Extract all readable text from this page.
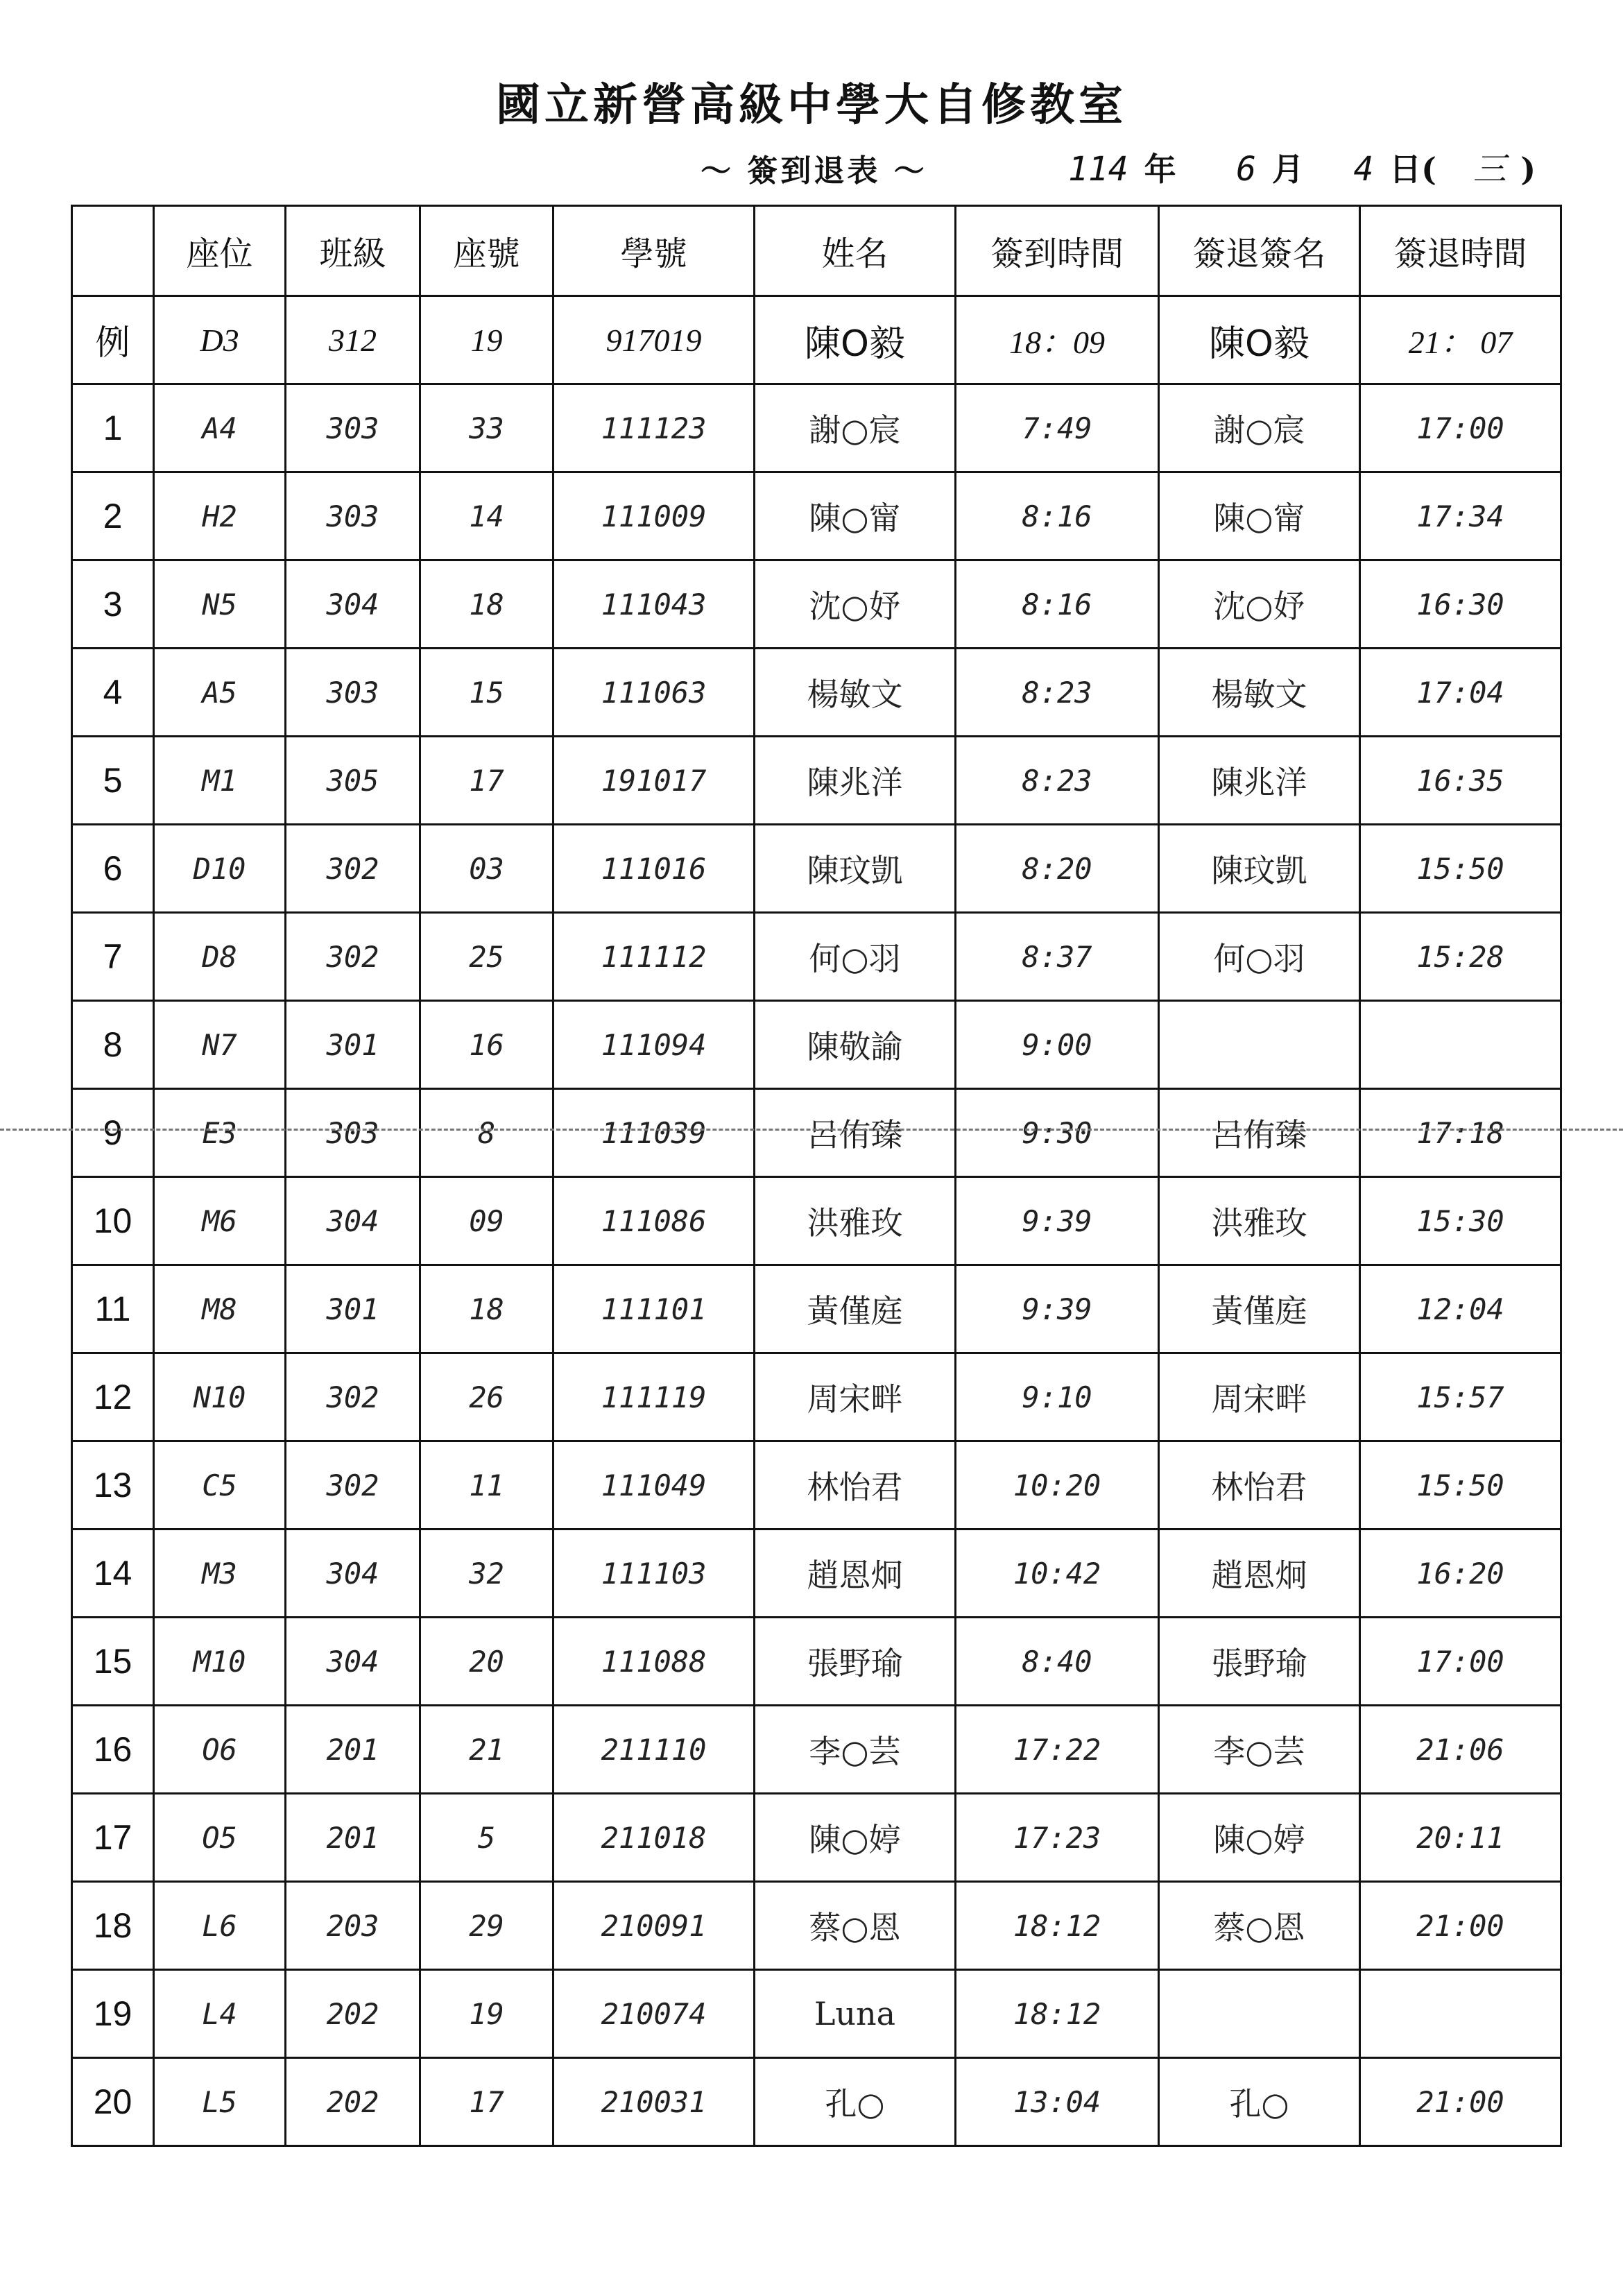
國立新營高級中學大自修教室
～ 簽到退表 ～	114 年 6 月 4 日( 三 )
	座位	班級	座號	學號	姓名	簽到時間	簽退簽名	簽退時間
例	D3	312	19	917019	陳O毅	18：09	陳O毅	21： 07
1	A4	303	33	111123	謝○宸	7:49	謝○宸	17:00
2	H2	303	14	111009	陳○甯	8:16	陳○甯	17:34
3	N5	304	18	111043	沈○妤	8:16	沈○妤	16:30
4	A5	303	15	111063	楊敏文	8:23	楊敏文	17:04
5	M1	305	17	191017	陳兆洋	8:23	陳兆洋	16:35
6	D10	302	03	111016	陳玟凱	8:20	陳玟凱	15:50
7	D8	302	25	111112	何○羽	8:37	何○羽	15:28
8	N7	301	16	111094	陳敬諭	9:00		
9	E3	303	8	111039	呂侑臻	9:30	呂侑臻	17:18
10	M6	304	09	111086	洪雅玫	9:39	洪雅玫	15:30
11	M8	301	18	111101	黃僅庭	9:39	黃僅庭	12:04
12	N10	302	26	111119	周宋畔	9:10	周宋畔	15:57
13	C5	302	11	111049	林怡君	10:20	林怡君	15:50
14	M3	304	32	111103	趙恩炯	10:42	趙恩炯	16:20
15	M10	304	20	111088	張野瑜	8:40	張野瑜	17:00
16	O6	201	21	211110	李○芸	17:22	李○芸	21:06
17	O5	201	5	211018	陳○婷	17:23	陳○婷	20:11
18	L6	203	29	210091	蔡○恩	18:12	蔡○恩	21:00
19	L4	202	19	210074	Luna	18:12		
20	L5	202	17	210031	孔○	13:04	孔○	21:00
